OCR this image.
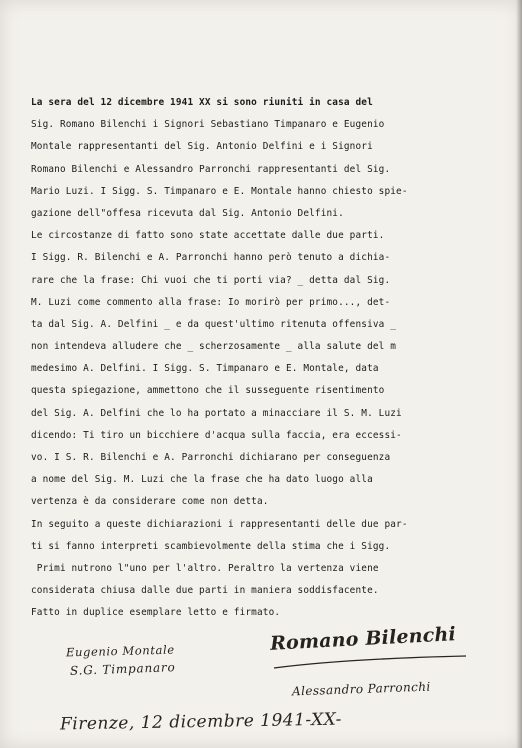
La sera del 12 dicembre 1941 XX si sono riuniti in casa del
Sig. Romano Bilenchi i Signori Sebastiano Timpanaro e Eugenio
Montale rappresentanti del Sig. Antonio Delfini e i Signori
Romano Bilenchi e Alessandro Parronchi rappresentanti del Sig.
Mario Luzi. I Sigg. S. Timpanaro e E. Montale hanno chiesto spie-
gazione dell"offesa ricevuta dal Sig. Antonio Delfini.
Le circostanze di fatto sono state accettate dalle due parti.
I Sigg. R. Bilenchi e A. Parronchi hanno però tenuto a dichia-
rare che la frase: Chi vuoi che ti porti via? _ detta dal Sig.
M. Luzi come commento alla frase: Io morirò per primo..., det-
ta dal Sig. A. Delfini _ e da quest'ultimo ritenuta offensiva _
non intendeva alludere che _ scherzosamente _ alla salute del m
medesimo A. Delfini. I Sigg. S. Timpanaro e E. Montale, data
questa spiegazione, ammettono che il susseguente risentimento
del Sig. A. Delfini che lo ha portato a minacciare il S. M. Luzi
dicendo: Ti tiro un bicchiere d'acqua sulla faccia, era eccessi-
vo. I S. R. Bilenchi e A. Parronchi dichiarano per conseguenza
a nome del Sig. M. Luzi che la frase che ha dato luogo alla
vertenza è da considerare come non detta.
In seguito a queste dichiarazioni i rappresentanti delle due par-
ti si fanno interpreti scambievolmente della stima che i Sigg.
Primi nutrono l"uno per l'altro. Peraltro la vertenza viene
considerata chiusa dalle due parti in maniera soddisfacente.
Fatto in duplice esemplare letto e firmato.
Eugenio Montale
S.G. Timpanaro
Romano Bilenchi
Alessandro Parronchi
Firenze, 12 dicembre 1941-XX-
